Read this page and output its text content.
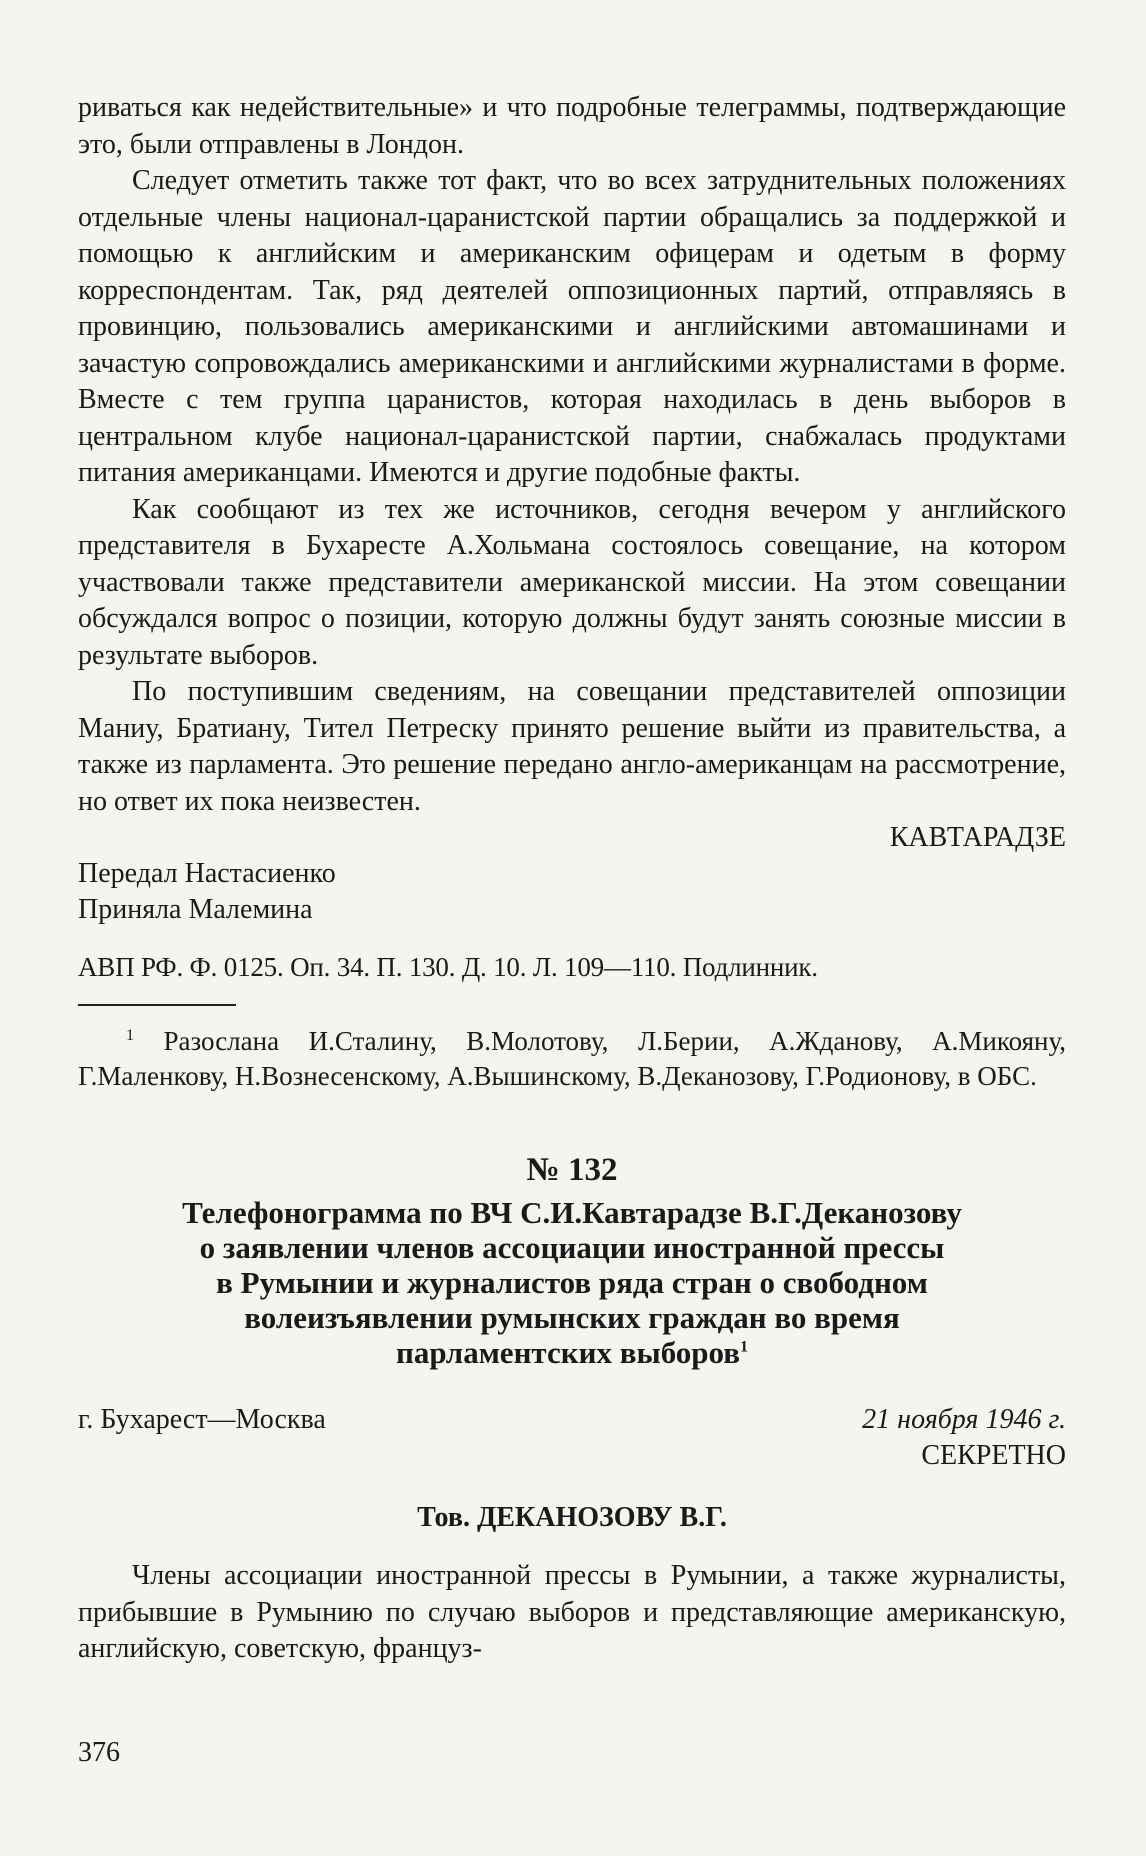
риваться как недействительные» и что подробные телеграммы, подтверждающие это, были отправлены в Лондон.

Следует отметить также тот факт, что во всех затруднительных положениях отдельные члены национал-царанистской партии обращались за поддержкой и помощью к английским и американским офицерам и одетым в форму корреспондентам. Так, ряд деятелей оппозиционных партий, отправляясь в провинцию, пользовались американскими и английскими автомашинами и зачастую сопровождались американскими и английскими журналистами в форме. Вместе с тем группа царанистов, которая находилась в день выборов в центральном клубе национал-царанистской партии, снабжалась продуктами питания американцами. Имеются и другие подобные факты.

Как сообщают из тех же источников, сегодня вечером у английского представителя в Бухаресте А.Хольмана состоялось совещание, на котором участвовали также представители американской миссии. На этом совещании обсуждался вопрос о позиции, которую должны будут занять союзные миссии в результате выборов.

По поступившим сведениям, на совещании представителей оппозиции Маниу, Братиану, Тител Петреску принято решение выйти из правительства, а также из парламента. Это решение передано англо-американцам на рассмотрение, но ответ их пока неизвестен.

КАВТАРАДЗЕ

Передал Настасиенко

Приняла Малемина

АВП РФ. Ф. 0125. Оп. 34. П. 130. Д. 10. Л. 109—110. Подлинник.

$^1$ Разослана И.Сталину, В.Молотову, Л.Берии, А.Жданову, А.Микояну, Г.Маленкову, Н.Вознесенскому, А.Вышинскому, В.Деканозову, Г.Родионову, в ОБС.

№ 132

Телефонограмма по ВЧ С.И.Кавтарадзе В.Г.Деканозову

о заявлении членов ассоциации иностранной прессы

в Румынии и журналистов ряда стран о свободном

волеизъявлении румынских граждан во время

парламентских выборов$^1$

г. Бухарест—Москва	21 ноября 1946 г.

СЕКРЕТНО

Тов. ДЕКАНОЗОВУ В.Г.

Члены ассоциации иностранной прессы в Румынии, а также журналисты, прибывшие в Румынию по случаю выборов и представляющие американскую, английскую, советскую, француз-

376
